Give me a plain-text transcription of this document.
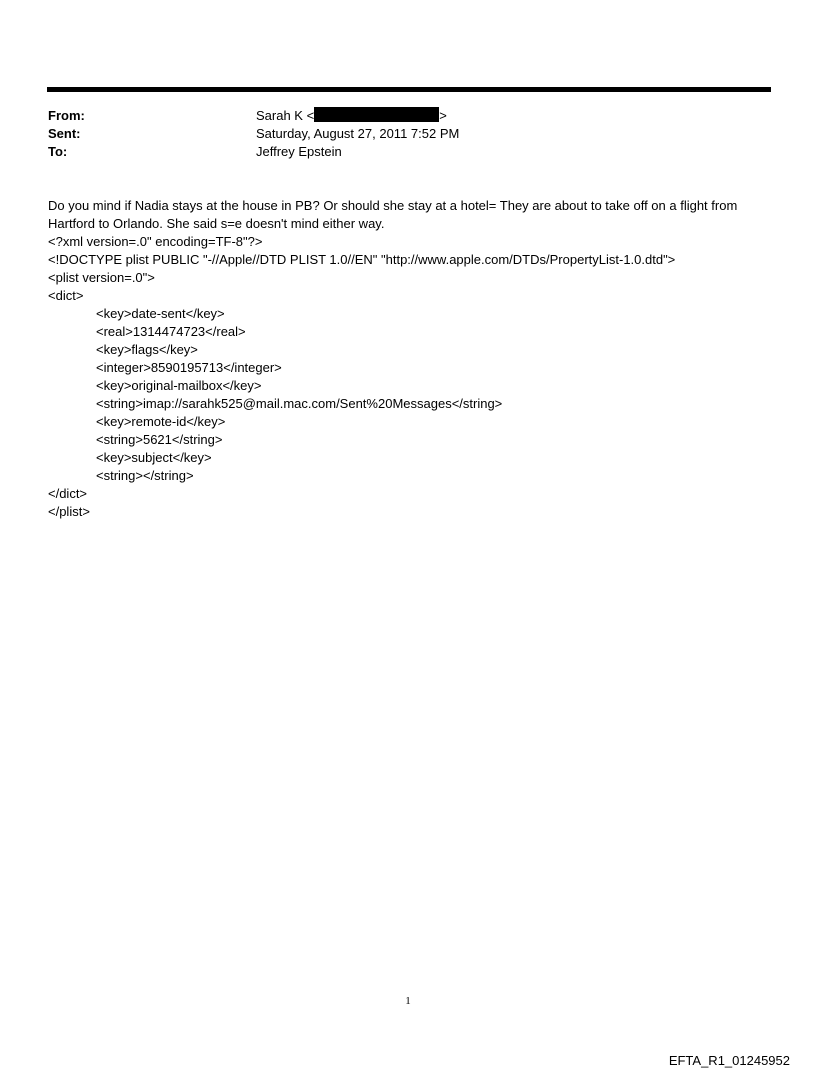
From:	Sarah K <	>
Sent:	Saturday, August 27, 2011 7:52 PM
To:	Jeffrey Epstein

Do you mind if Nadia stays at the house in PB? Or should she stay at a hotel= They are about to take off on a flight from Hartford to Orlando. She said s=e doesn't mind either way.

<?xml version=.0" encoding=TF-8"?>
<!DOCTYPE plist PUBLIC "-//Apple//DTD PLIST 1.0//EN" "http://www.apple.com/DTDs/PropertyList-1.0.dtd">
<plist version=.0">
<dict>
<key>date-sent</key>
<real>1314474723</real>
<key>flags</key>
<integer>8590195713</integer>
<key>original-mailbox</key>
<string>imap://sarahk525@mail.mac.com/Sent%20Messages</string>
<key>remote-id</key>
<string>5621</string>
<key>subject</key>
<string></string>
</dict>
</plist>
1
EFTA_R1_01245952
